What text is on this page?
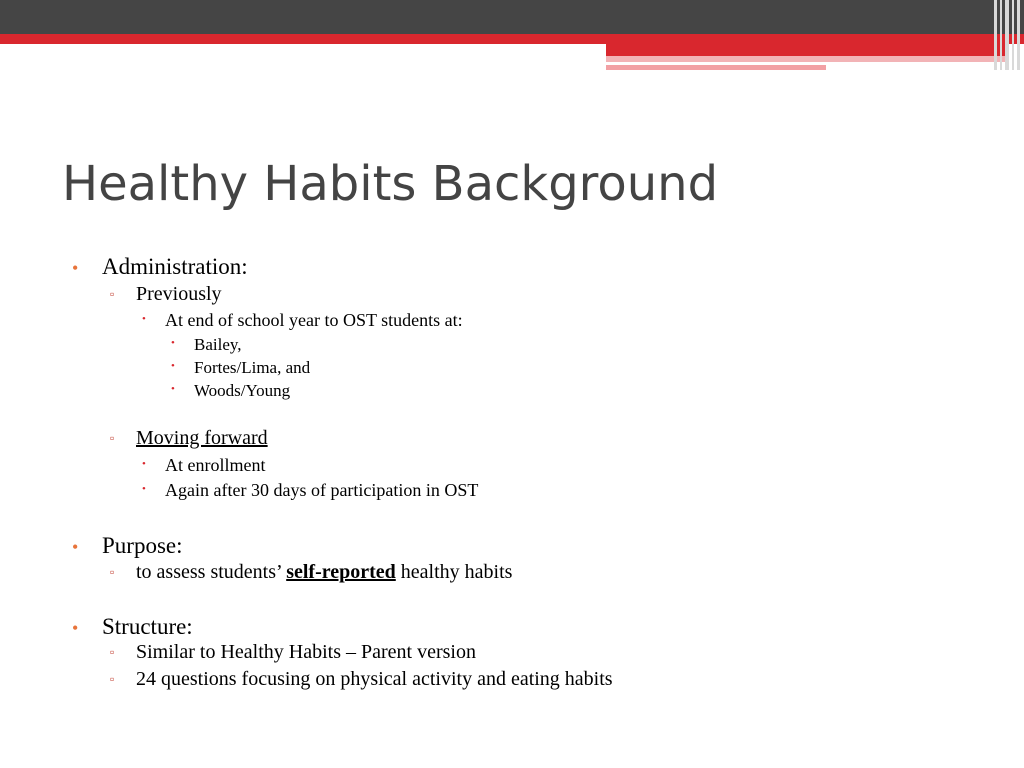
Healthy Habits Background
• Administration:
▫ Previously
• At end of school year to OST students at:
• Bailey,
• Fortes/Lima, and
• Woods/Young
▫ Moving forward
• At enrollment
• Again after 30 days of participation in OST
• Purpose:
▫ to assess students’ self-reported healthy habits
• Structure:
▫ Similar to Healthy Habits – Parent version
▫ 24 questions focusing on physical activity and eating habits
